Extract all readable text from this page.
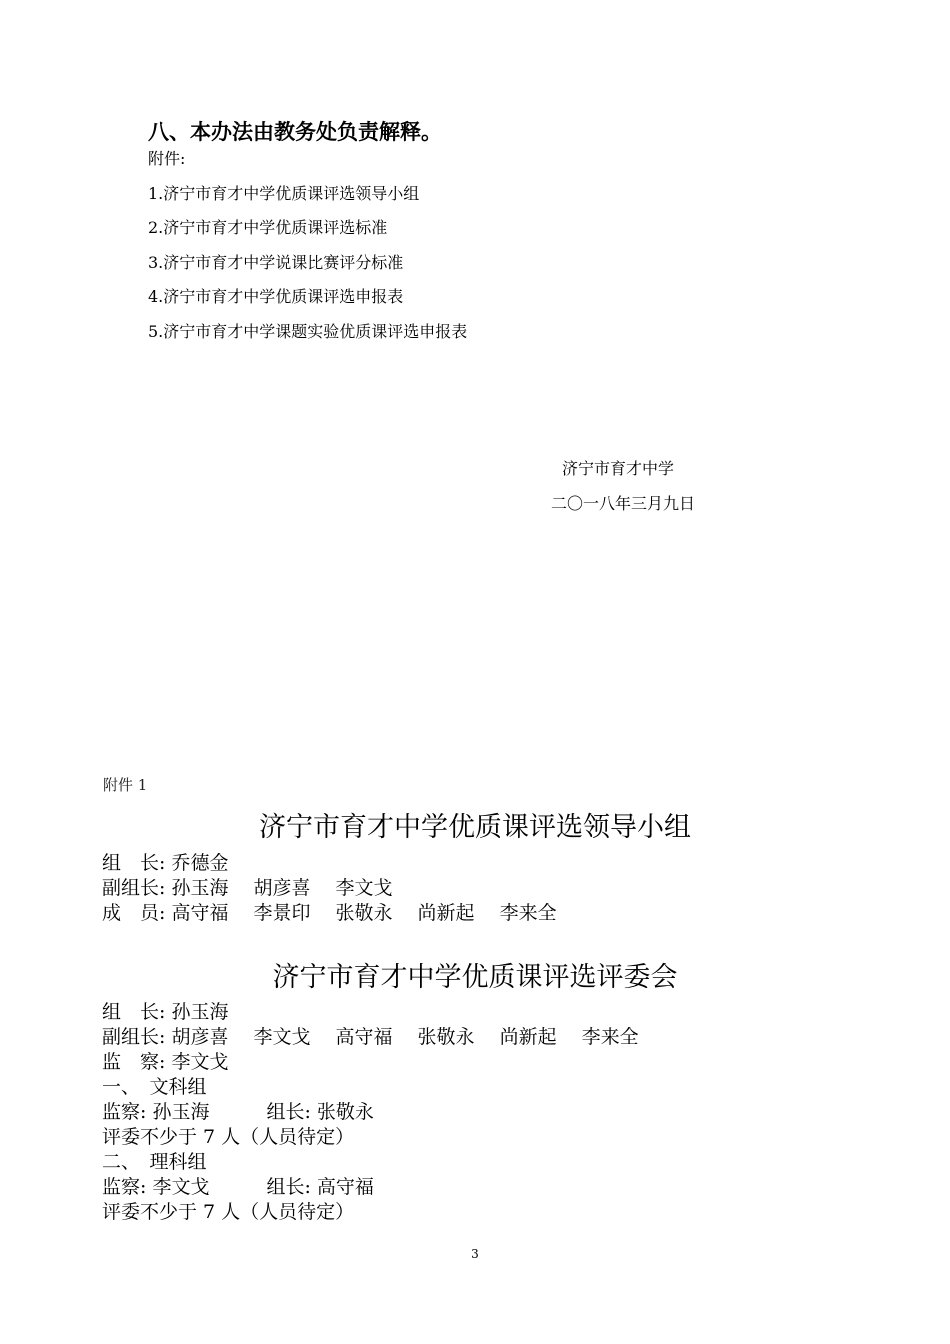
八、本办法由教务处负责解释。
附件:
1.济宁市育才中学优质课评选领导小组
2.济宁市育才中学优质课评选标准
3.济宁市育才中学说课比赛评分标准
4.济宁市育才中学优质课评选申报表
5.济宁市育才中学课题实验优质课评选申报表
济宁市育才中学
二〇一八年三月九日
附件 1
济宁市育才中学优质课评选领导小组
组　长: 乔德金
副组长: 孙玉海　 胡彦喜　 李文戈
成　员: 高守福　 李景印　 张敬永　 尚新起　 李来全
济宁市育才中学优质课评选评委会
组　长: 孙玉海
副组长: 胡彦喜　 李文戈　 高守福　 张敬永　 尚新起　 李来全
监　察: 李文戈
一、　文科组
监察: 孙玉海　　　组长: 张敬永
评委不少于 7 人（人员待定）
二、　理科组
监察: 李文戈　　　组长: 高守福
评委不少于 7 人（人员待定）
3
